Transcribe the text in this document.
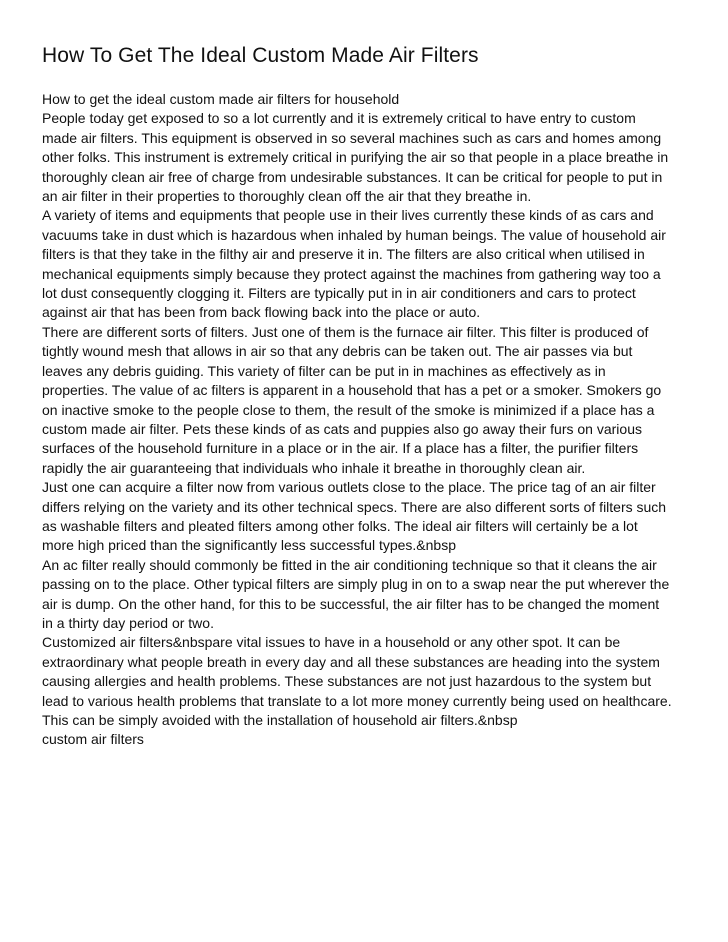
How To Get The Ideal Custom Made Air Filters
How to get the ideal custom made air filters for household
People today get exposed to so a lot currently and it is extremely critical to have entry to custom
made air filters. This equipment is observed in so several machines such as cars and homes among
other folks. This instrument is extremely critical in purifying the air so that people in a place breathe in
thoroughly clean air free of charge from undesirable substances. It can be critical for people to put in
an air filter in their properties to thoroughly clean off the air that they breathe in.
A variety of items and equipments that people use in their lives currently these kinds of as cars and
vacuums take in dust which is hazardous when inhaled by human beings. The value of household air
filters is that they take in the filthy air and preserve it in. The filters are also critical when utilised in
mechanical equipments simply because they protect against the machines from gathering way too a
lot dust consequently clogging it. Filters are typically put in in air conditioners and cars to protect
against air that has been from back flowing back into the place or auto.
There are different sorts of filters. Just one of them is the furnace air filter. This filter is produced of
tightly wound mesh that allows in air so that any debris can be taken out. The air passes via but
leaves any debris guiding. This variety of filter can be put in in machines as effectively as in
properties. The value of ac filters is apparent in a household that has a pet or a smoker. Smokers go
on inactive smoke to the people close to them, the result of the smoke is minimized if a place has a
custom made air filter. Pets these kinds of as cats and puppies also go away their furs on various
surfaces of the household furniture in a place or in the air. If a place has a filter, the purifier filters
rapidly the air guaranteeing that individuals who inhale it breathe in thoroughly clean air.
Just one can acquire a filter now from various outlets close to the place. The price tag of an air filter
differs relying on the variety and its other technical specs. There are also different sorts of filters such
as washable filters and pleated filters among other folks. The ideal air filters will certainly be a lot
more high priced than the significantly less successful types.&nbsp
An ac filter really should commonly be fitted in the air conditioning technique so that it cleans the air
passing on to the place. Other typical filters are simply plug in on to a swap near the put wherever the
air is dump. On the other hand, for this to be successful, the air filter has to be changed the moment
in a thirty day period or two.
Customized air filters&nbspare vital issues to have in a household or any other spot. It can be
extraordinary what people breath in every day and all these substances are heading into the system
causing allergies and health problems. These substances are not just hazardous to the system but
lead to various health problems that translate to a lot more money currently being used on healthcare.
This can be simply avoided with the installation of household air filters.&nbsp
custom air filters
